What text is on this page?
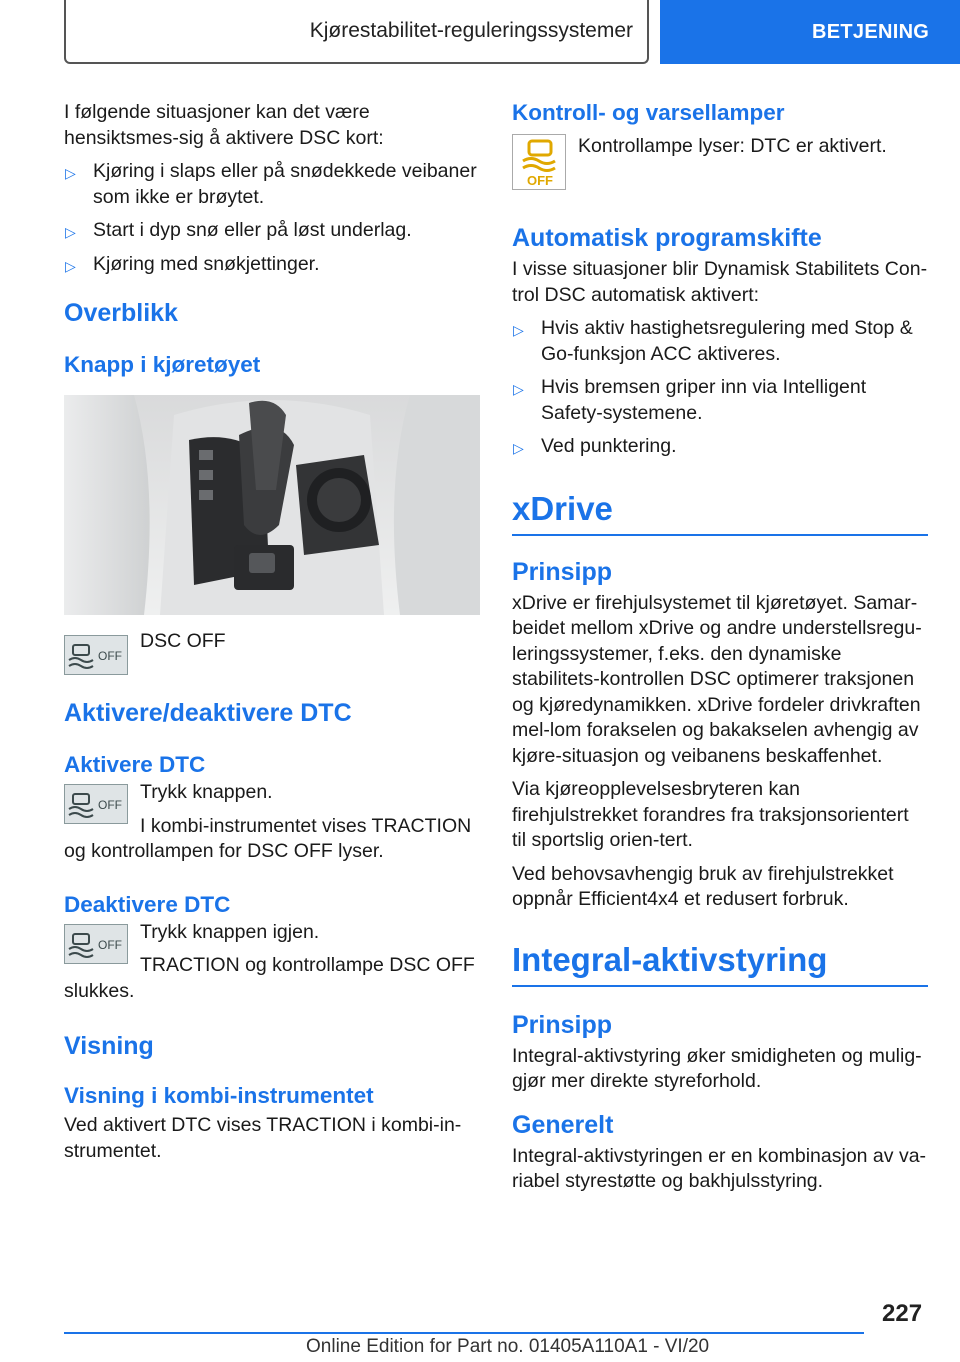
Kjørestabilitet-reguleringssystemer	BETJENING

I følgende situasjoner kan det være hensiktsmes-sig å aktivere DSC kort:

▷ Kjøring i slaps eller på snødekkede veibaner som ikke er brøytet.
▷ Start i dyp snø eller på løst underlag.
▷ Kjøring med snøkjettinger.
Overblikk
Knapp i kjøretøyet
OFF

DSC OFF

Aktivere/deaktivere DTC
Aktivere DTC
OFF

Trykk knappen.

I kombi-instrumentet vises TRACTION og kontrollampen for DSC OFF lyser.

Deaktivere DTC
OFF

Trykk knappen igjen.

TRACTION og kontrollampe DSC OFF slukkes.

Visning
Visning i kombi-instrumentet

Ved aktivert DTC vises TRACTION i kombi-in-strumentet.

Kontroll- og varsellamper
OFF

Kontrollampe lyser: DTC er aktivert.

Automatisk programskifte

I visse situasjoner blir Dynamisk Stabilitets Con-trol DSC automatisk aktivert:

▷ Hvis aktiv hastighetsregulering med Stop & Go-funksjon ACC aktiveres.
▷ Hvis bremsen griper inn via Intelligent Safety-systemene.
▷ Ved punktering.
xDrive
Prinsipp

xDrive er firehjulsystemet til kjøretøyet. Samar-beidet mellom xDrive og andre understellsregu-leringssystemer, f.eks. den dynamiske stabilitets-kontrollen DSC optimerer traksjonen og kjøredynamikken. xDrive fordeler drivkraften mel-lom forakselen og bakakselen avhengig av kjøre-situasjon og veibanens beskaffenhet.

Via kjøreopplevelsesbryteren kan firehjulstrekket forandres fra traksjonsorientert til sportslig orien-tert.

Ved behovsavhengig bruk av firehjulstrekket oppnår Efficient4x4 et redusert forbruk.

Integral-aktivstyring
Prinsipp

Integral-aktivstyring øker smidigheten og mulig-gjør mer direkte styreforhold.

Generelt

Integral-aktivstyringen er en kombinasjon av va-riabel styrestøtte og bakhjulsstyring.

227
Online Edition for Part no. 01405A110A1 - VI/20
